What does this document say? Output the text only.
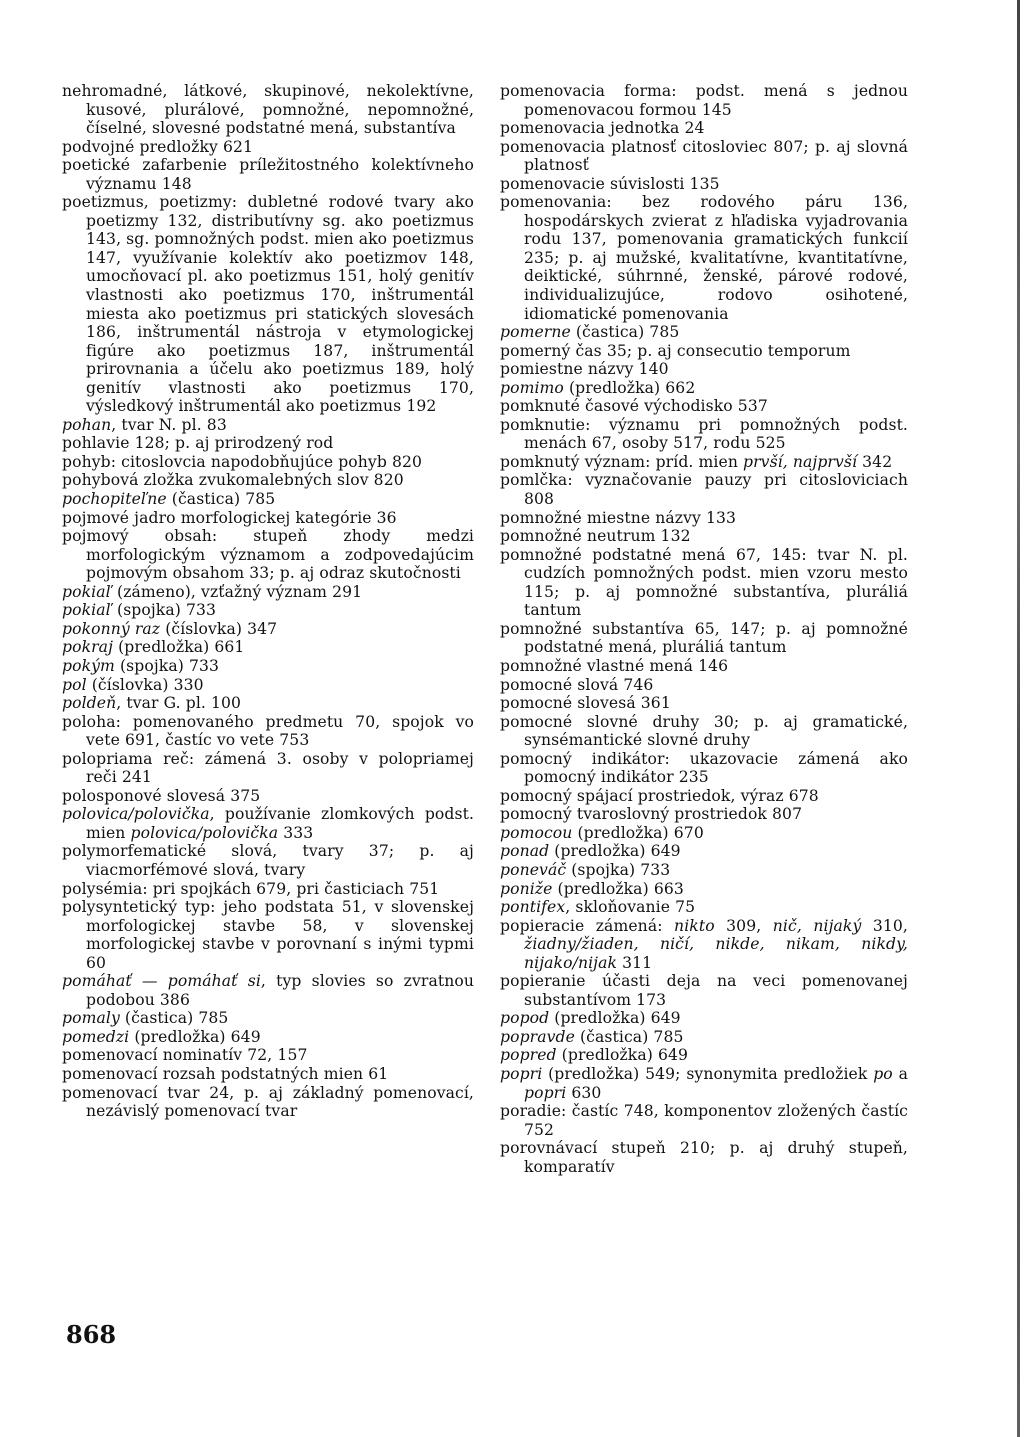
nehromadné, látkové, skupinové, nekolektívne, kusové, plurálové, pomnožné, nepomnožné, číselné, slovesné podstatné mená, substantíva

podvojné predložky 621

poetické zafarbenie príležitostného kolektívneho významu 148

poetizmus, poetizmy: dubletné rodové tvary ako poetizmy 132, distributívny sg. ako poetizmus 143, sg. pomnožných podst. mien ako poetizmus 147, využívanie kolektív ako poetizmov 148, umocňovací pl. ako poetizmus 151, holý genitív vlastnosti ako poetizmus 170, inštrumentál miesta ako poetizmus pri statických slovesách 186, inštrumentál nástroja v etymologickej figúre ako poetizmus 187, inštrumentál prirovnania a účelu ako poetizmus 189, holý genitív vlastnosti ako poetizmus 170, výsledkový inštrumentál ako poetizmus 192

pohan, tvar N. pl. 83

pohlavie 128; p. aj prirodzený rod

pohyb: citoslovcia napodobňujúce pohyb 820

pohybová zložka zvukomalebných slov 820

pochopiteľne (častica) 785

pojmové jadro morfologickej kategórie 36

pojmový obsah: stupeň zhody medzi morfologickým významom a zodpovedajúcim pojmovým obsahom 33; p. aj odraz skutočnosti

pokiaľ (zámeno), vzťažný význam 291

pokiaľ (spojka) 733

pokonný raz (číslovka) 347

pokraj (predložka) 661

pokým (spojka) 733

pol (číslovka) 330

poldeň, tvar G. pl. 100

poloha: pomenovaného predmetu 70, spojok vo vete 691, častíc vo vete 753

polopriama reč: zámená 3. osoby v polopriamej reči 241

polosponové slovesá 375

polovica/polovička, používanie zlomkových podst. mien polovica/polovička 333

polymorfematické slová, tvary 37; p. aj viacmorfémové slová, tvary

polysémia: pri spojkách 679, pri časticiach 751

polysyntetický typ: jeho podstata 51, v slovenskej morfologickej stavbe 58, v slovenskej morfologickej stavbe v porovnaní s inými typmi 60

pomáhať — pomáhať si, typ slovies so zvratnou podobou 386

pomaly (častica) 785

pomedzi (predložka) 649

pomenovací nominatív 72, 157

pomenovací rozsah podstatných mien 61

pomenovací tvar 24, p. aj základný pomenovací, nezávislý pomenovací tvar

pomenovacia forma: podst. mená s jednou pomenovacou formou 145

pomenovacia jednotka 24

pomenovacia platnosť citosloviec 807; p. aj slovná platnosť

pomenovacie súvislosti 135

pomenovania: bez rodového páru 136, hospodárskych zvierat z hľadiska vyjadrovania rodu 137, pomenovania gramatických funkcií 235; p. aj mužské, kvalitatívne, kvantitatívne, deiktické, súhrnné, ženské, párové rodové, individualizujúce, rodovo osihotené, idiomatické pomenovania

pomerne (častica) 785

pomerný čas 35; p. aj consecutio temporum

pomiestne názvy 140

pomimo (predložka) 662

pomknuté časové východisko 537

pomknutie: významu pri pomnožných podst. menách 67, osoby 517, rodu 525

pomknutý význam: príd. mien prvší, najprvší 342

pomlčka: vyznačovanie pauzy pri citosloviciach 808

pomnožné miestne názvy 133

pomnožné neutrum 132

pomnožné podstatné mená 67, 145: tvar N. pl. cudzích pomnožných podst. mien vzoru mesto 115; p. aj pomnožné substantíva, pluráliá tantum

pomnožné substantíva 65, 147; p. aj pomnožné podstatné mená, pluráliá tantum

pomnožné vlastné mená 146

pomocné slová 746

pomocné slovesá 361

pomocné slovné druhy 30; p. aj gramatické, synsémantické slovné druhy

pomocný indikátor: ukazovacie zámená ako pomocný indikátor 235

pomocný spájací prostriedok, výraz 678

pomocný tvaroslovný prostriedok 807

pomocou (predložka) 670

ponad (predložka) 649

poneváč (spojka) 733

poniže (predložka) 663

pontifex, skloňovanie 75

popieracie zámená: nikto 309, nič, nijaký 310, žiadny/žiaden, ničí, nikde, nikam, nikdy, nijako/nijak 311

popieranie účasti deja na veci pomenovanej substantívom 173

popod (predložka) 649

popravde (častica) 785

popred (predložka) 649

popri (predložka) 549; synonymita predložiek po a popri 630

poradie: častíc 748, komponentov zložených častíc 752

porovnávací stupeň 210; p. aj druhý stupeň, komparatív

868
